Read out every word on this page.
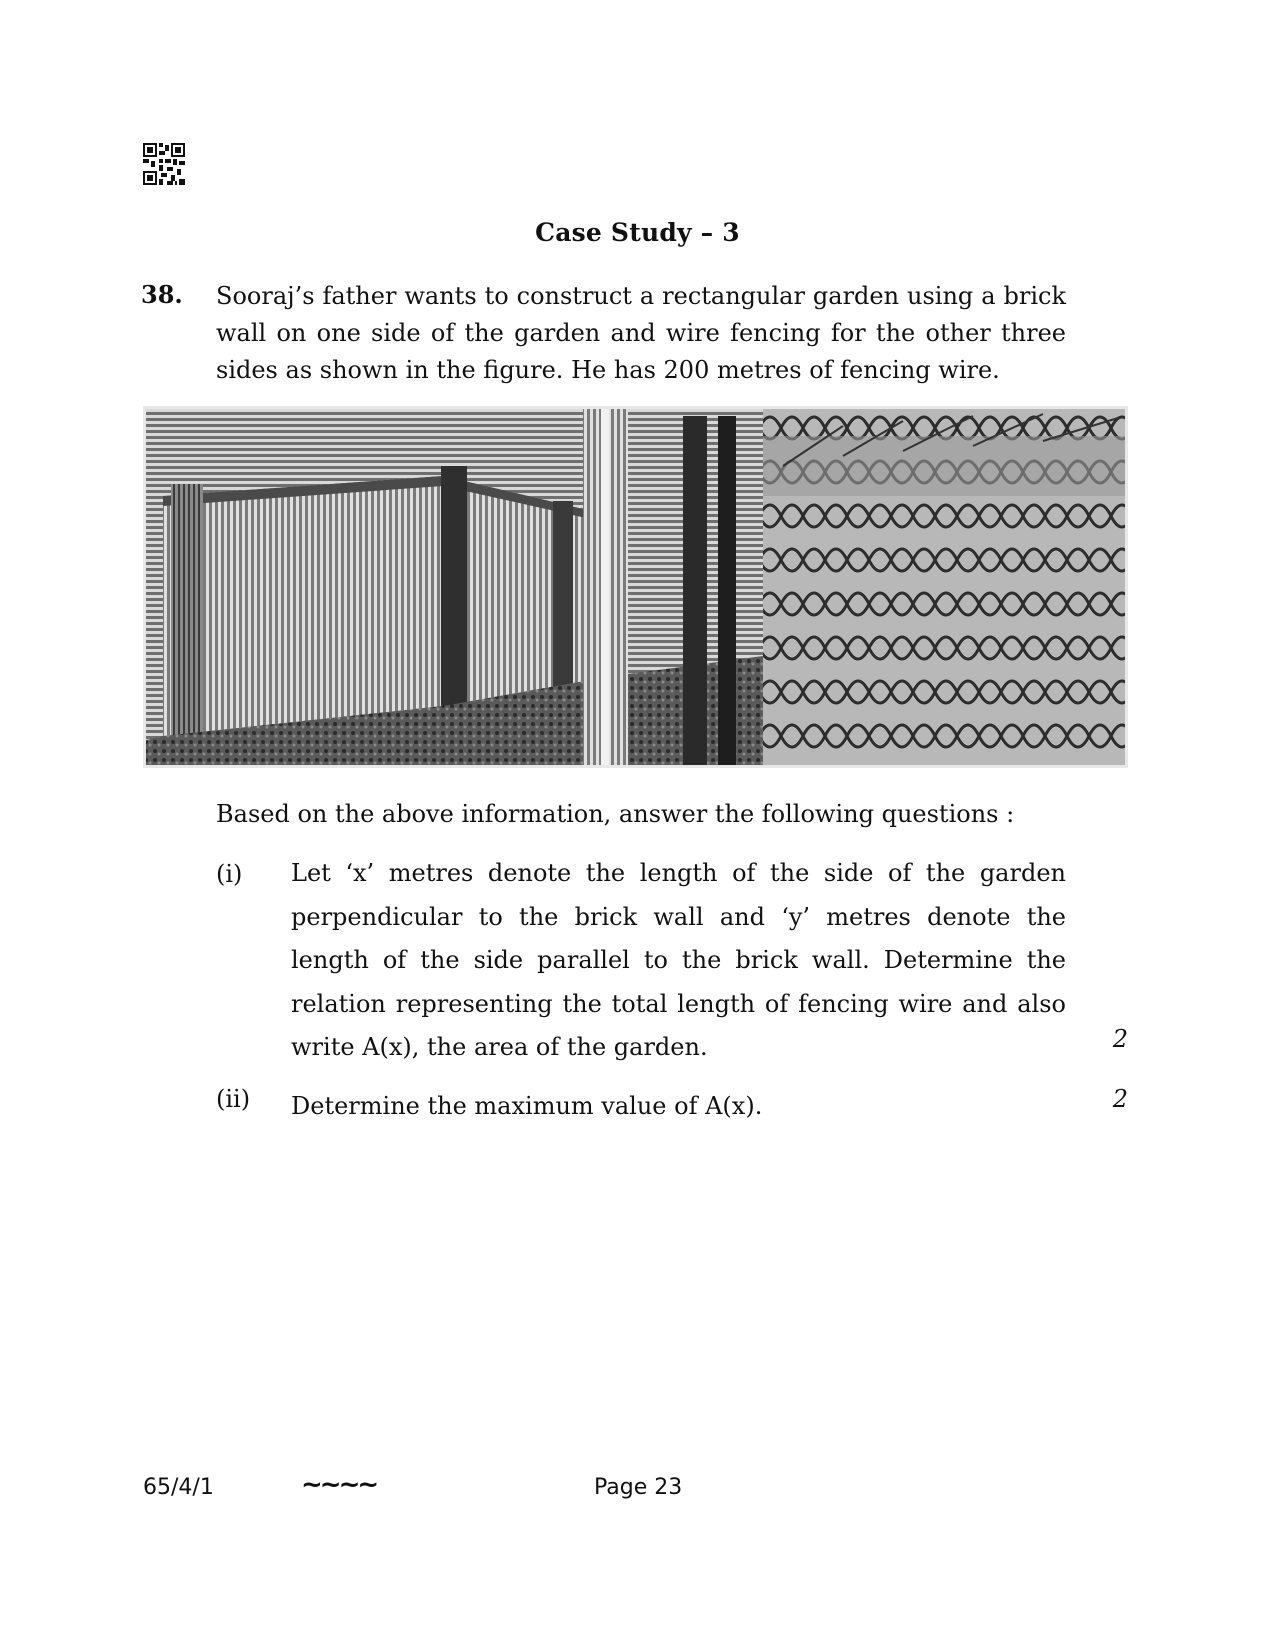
Case Study – 3
38. Sooraj’s father wants to construct a rectangular garden using a brick wall on one side of the garden and wire fencing for the other three sides as shown in the figure. He has 200 metres of fencing wire.
Based on the above information, answer the following questions :
(i) Let ‘x’ metres denote the length of the side of the garden perpendicular to the brick wall and ‘y’ metres denote the length of the side parallel to the brick wall. Determine the relation representing the total length of fencing wire and also write A(x), the area of the garden.	2
(ii) Determine the maximum value of A(x).	2
65/4/1	~~~~	Page 23
